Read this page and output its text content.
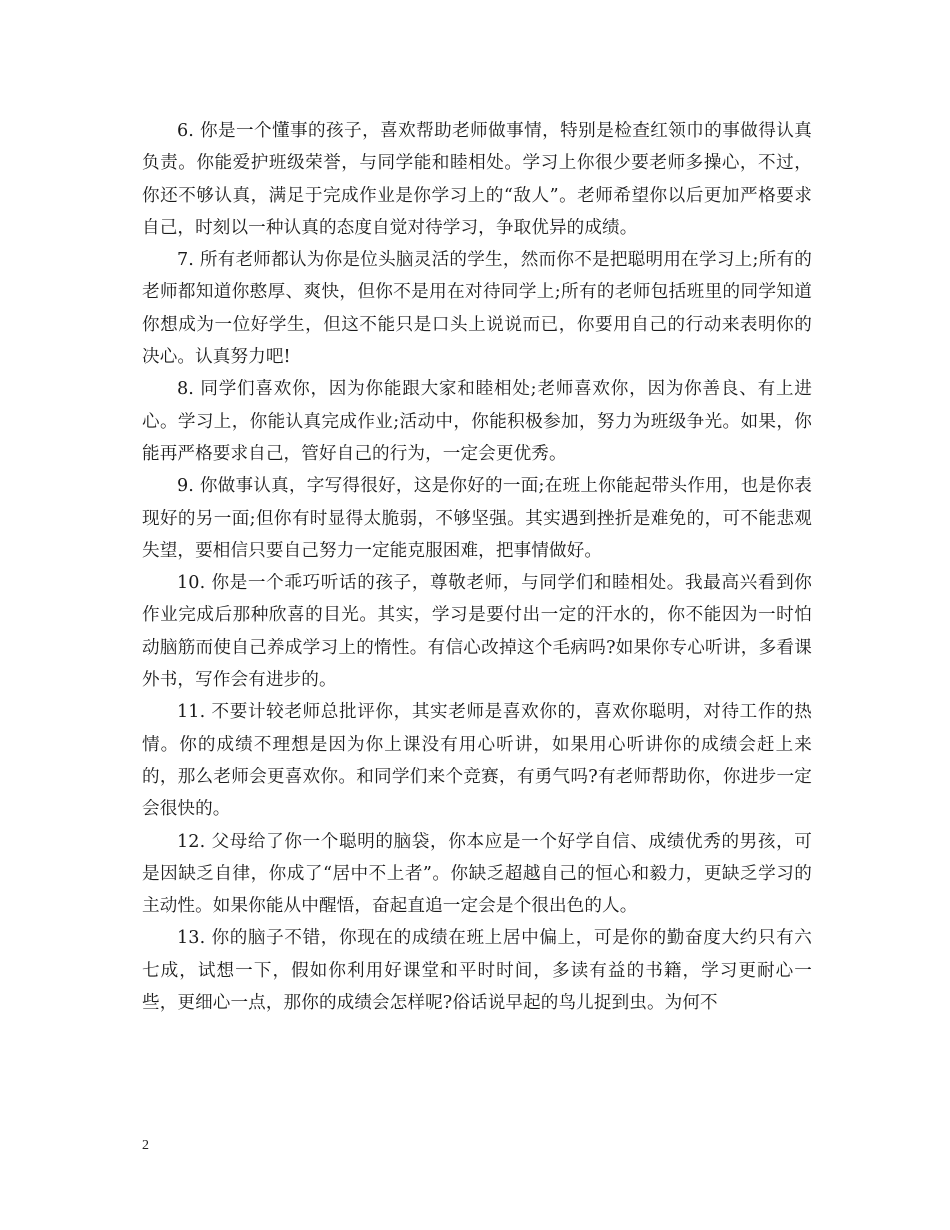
6. 你是一个懂事的孩子，喜欢帮助老师做事情，特别是检查红领巾的事做得认真负责。你能爱护班级荣誉，与同学能和睦相处。学习上你很少要老师多操心，不过，你还不够认真，满足于完成作业是你学习上的“敌人”。老师希望你以后更加严格要求自己，时刻以一种认真的态度自觉对待学习，争取优异的成绩。

7. 所有老师都认为你是位头脑灵活的学生，然而你不是把聪明用在学习上;所有的老师都知道你憨厚、爽快，但你不是用在对待同学上;所有的老师包括班里的同学知道你想成为一位好学生，但这不能只是口头上说说而已，你要用自己的行动来表明你的决心。认真努力吧!

8. 同学们喜欢你，因为你能跟大家和睦相处;老师喜欢你，因为你善良、有上进心。学习上，你能认真完成作业;活动中，你能积极参加，努力为班级争光。如果，你能再严格要求自己，管好自己的行为，一定会更优秀。

9. 你做事认真，字写得很好，这是你好的一面;在班上你能起带头作用，也是你表现好的另一面;但你有时显得太脆弱，不够坚强。其实遇到挫折是难免的，可不能悲观失望，要相信只要自己努力一定能克服困难，把事情做好。

10. 你是一个乖巧听话的孩子，尊敬老师，与同学们和睦相处。我最高兴看到你作业完成后那种欣喜的目光。其实，学习是要付出一定的汗水的，你不能因为一时怕动脑筋而使自己养成学习上的惰性。有信心改掉这个毛病吗?如果你专心听讲，多看课外书，写作会有进步的。

11. 不要计较老师总批评你，其实老师是喜欢你的，喜欢你聪明，对待工作的热情。你的成绩不理想是因为你上课没有用心听讲，如果用心听讲你的成绩会赶上来的，那么老师会更喜欢你。和同学们来个竞赛，有勇气吗?有老师帮助你，你进步一定会很快的。

12. 父母给了你一个聪明的脑袋，你本应是一个好学自信、成绩优秀的男孩，可是因缺乏自律，你成了“居中不上者”。你缺乏超越自己的恒心和毅力，更缺乏学习的主动性。如果你能从中醒悟，奋起直追一定会是个很出色的人。

13. 你的脑子不错，你现在的成绩在班上居中偏上，可是你的勤奋度大约只有六七成，试想一下，假如你利用好课堂和平时时间，多读有益的书籍，学习更耐心一些，更细心一点，那你的成绩会怎样呢?俗话说早起的鸟儿捉到虫。为何不

2
